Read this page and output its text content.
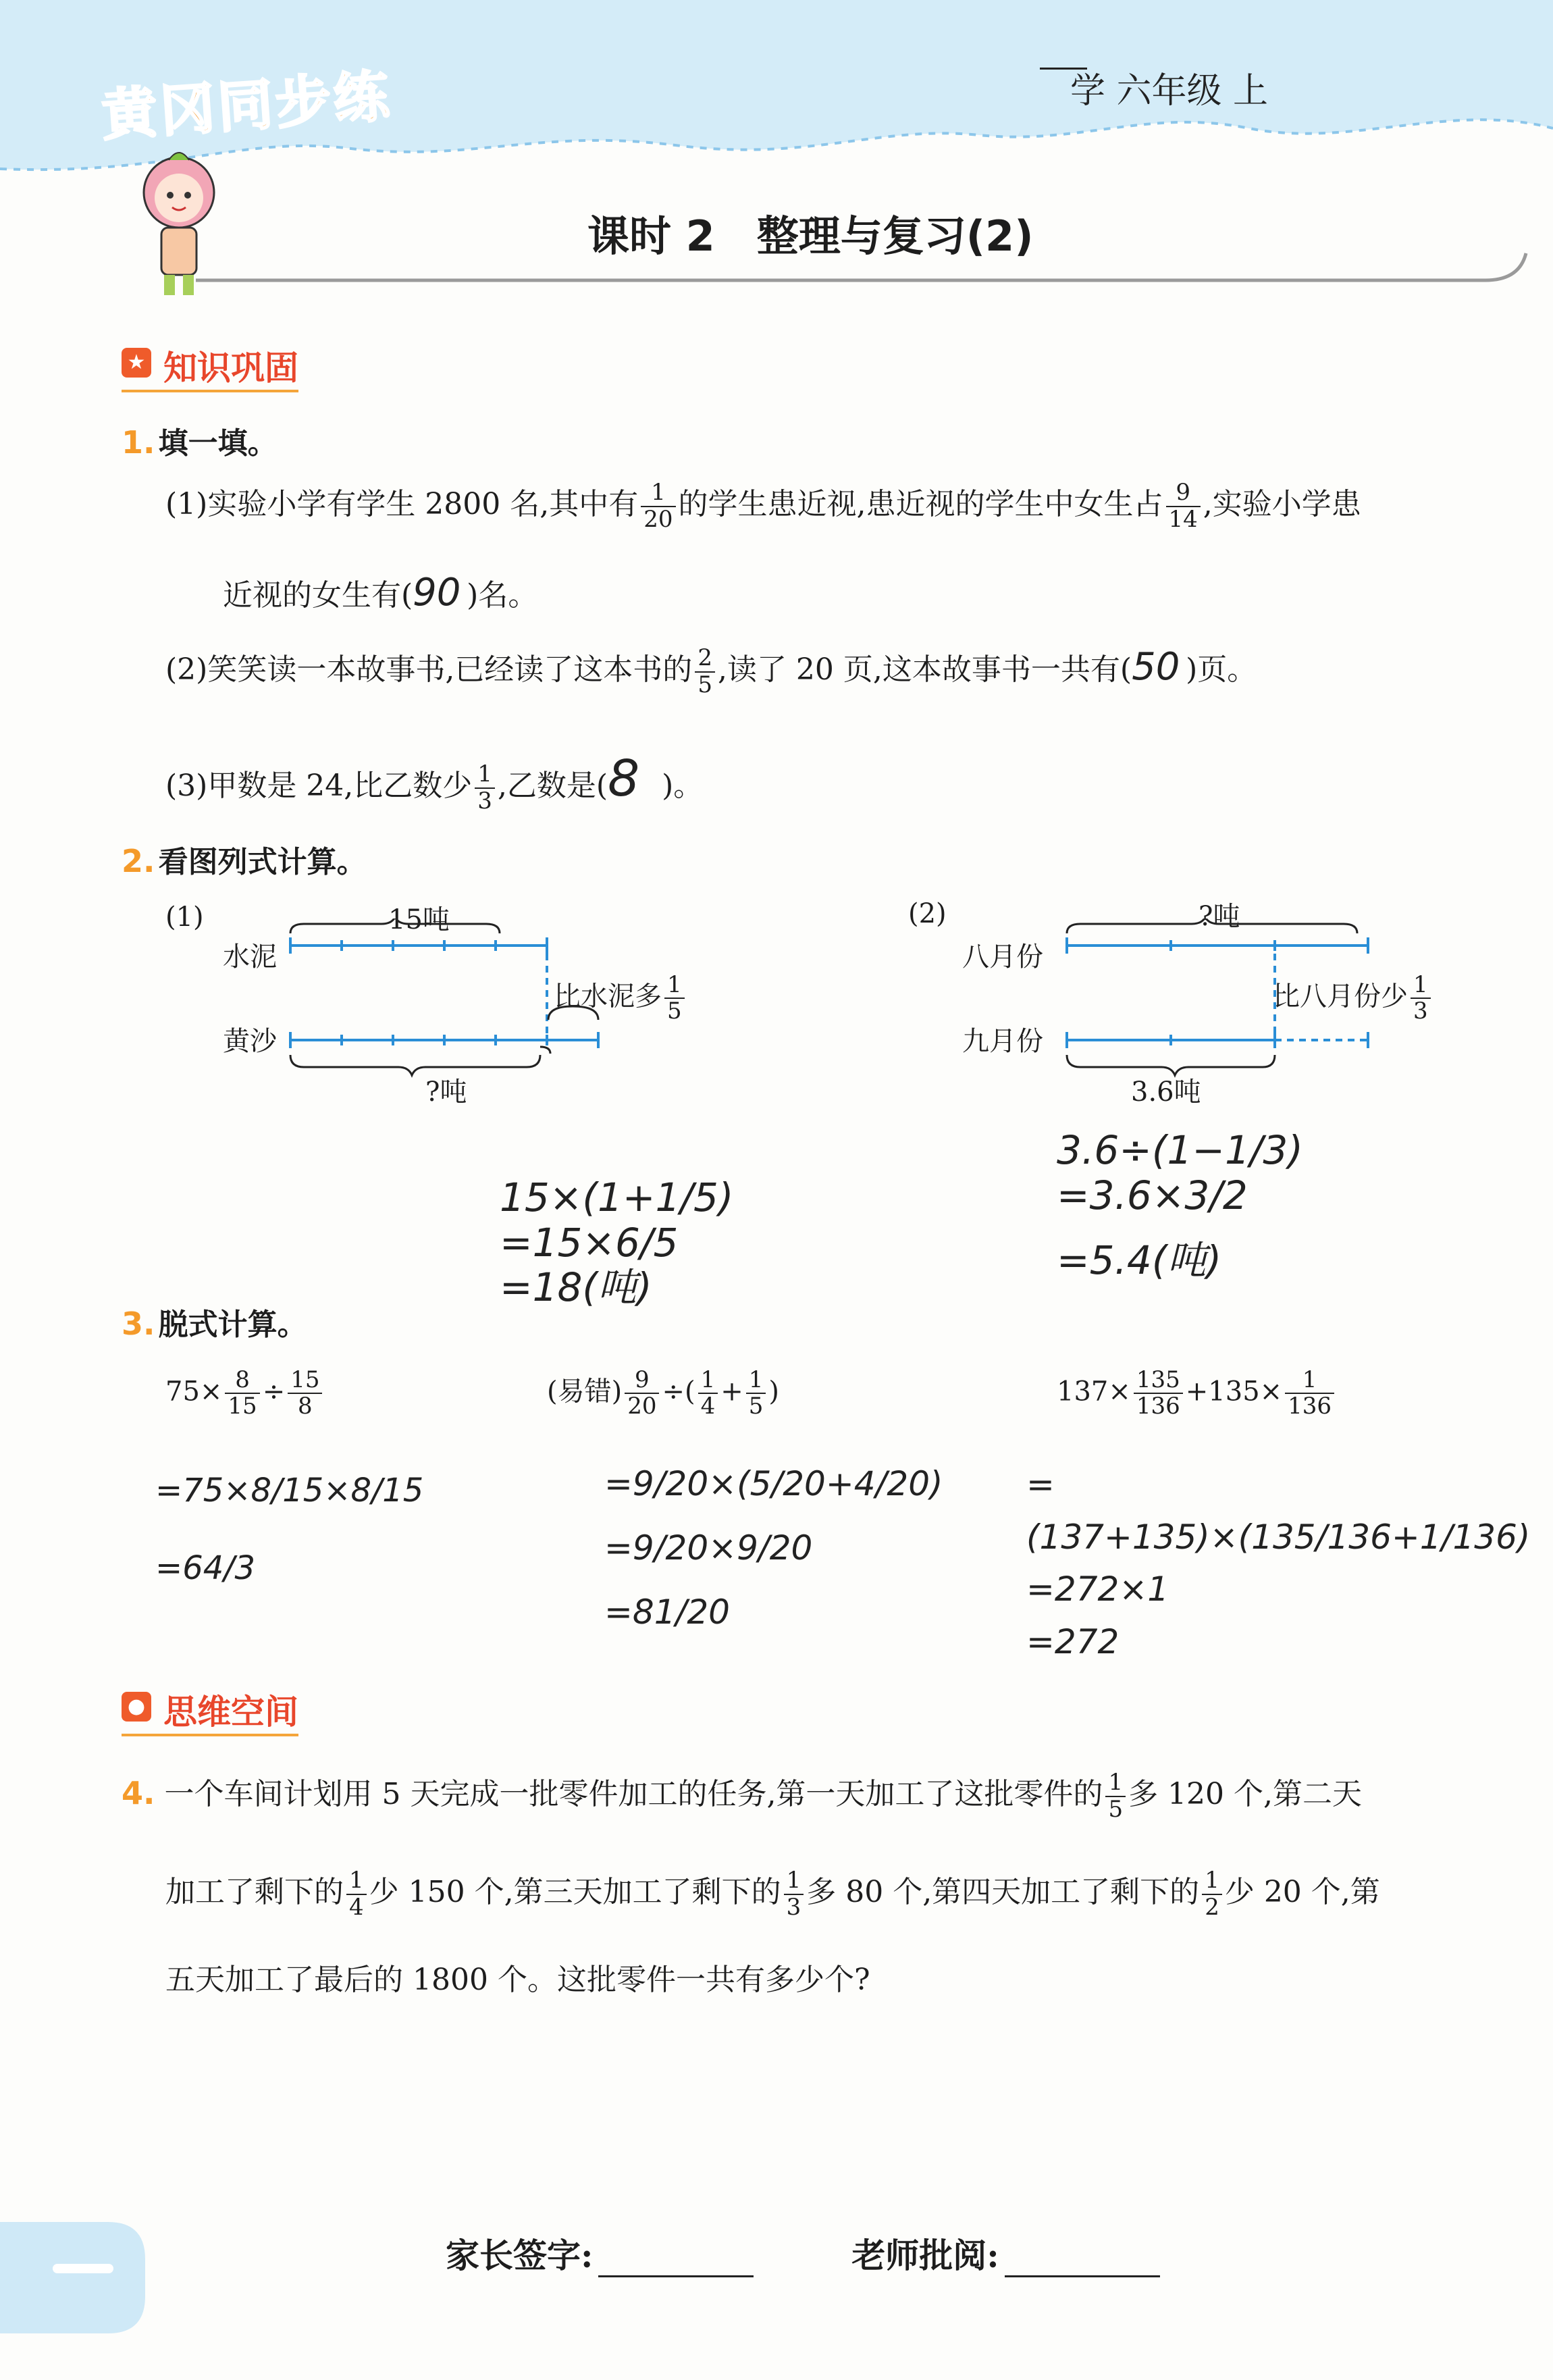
黄冈同步练	学 六年级 上
课时 2　整理与复习(2)
★ 知识巩固
1. 填一填。
(1)实验小学有学生 2800 名,其中有 $\frac{1}{20}$ 的学生患近视,患近视的学生中女生占 $\frac{9}{14}$ ,实验小学患
近视的女生有(90 )名。
(2)笑笑读一本故事书,已经读了这本书的 $\frac{2}{5}$ ,读了 20 页,这本故事书一共有(50 )页。
(3)甲数是 24,比乙数少 $\frac{1}{3}$ ,乙数是(8 )。
2. 看图列式计算。
(1)
水泥
黄沙
15吨
?吨
比水泥多 $\frac{1}{5}$
(2)
八月份
九月份
?吨
3.6吨
比八月份少 $\frac{1}{3}$
15×(1+1/5)
=15×6/5
=18(吨)
3.6÷(1−1/3)
=3.6×3/2
=5.4(吨)
3. 脱式计算。
$75\times \frac{8}{15} \div \frac{15}{8}$	(易错) $\frac{9}{20}$ ÷( $\frac{1}{4} + \frac{1}{5}$ )	$137\times \frac{135}{136} +135\times \frac{1}{136}$
=75×8/15×8/15
=64/3
=9/20×(5/20+4/20)
=9/20×9/20
=81/20
=(137+135)×(135/136+1/136)
=272×1
=272
● 思维空间
4. 一个车间计划用 5 天完成一批零件加工的任务,第一天加工了这批零件的 $\frac{1}{5}$ 多 120 个,第二天
加工了剩下的 $\frac{1}{4}$ 少 150 个,第三天加工了剩下的 $\frac{1}{3}$ 多 80 个,第四天加工了剩下的 $\frac{1}{2}$ 少 20 个,第
五天加工了最后的 1800 个。这批零件一共有多少个?
家长签字:	老师批阅:
